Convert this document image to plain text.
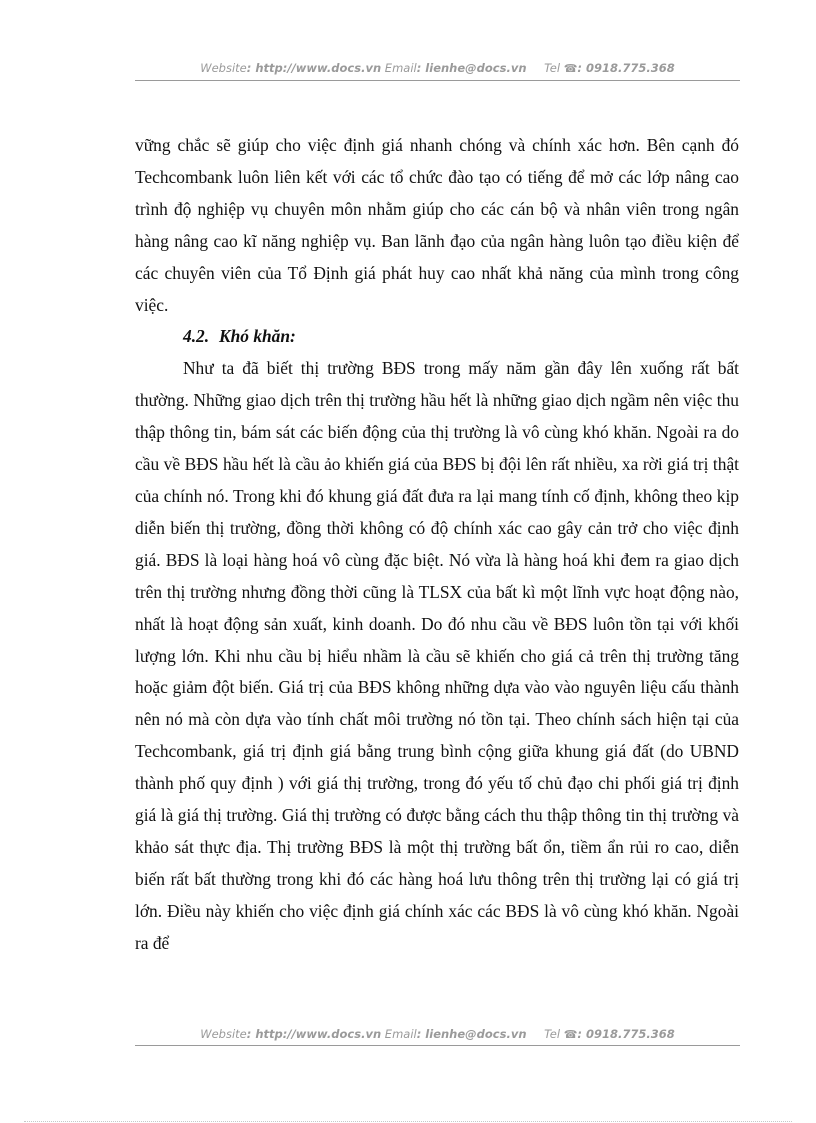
Website: http://www.docs.vn Email: lienhe@docs.vn Tel ☎: 0918.775.368

vững chắc sẽ giúp cho việc định giá nhanh chóng và chính xác hơn. Bên cạnh đó Techcombank luôn liên kết với các tổ chức đào tạo có tiếng để mở các lớp nâng cao trình độ nghiệp vụ chuyên môn nhằm giúp cho các cán bộ và nhân viên trong ngân hàng nâng cao kĩ năng nghiệp vụ. Ban lãnh đạo của ngân hàng luôn tạo điều kiện để các chuyên viên của Tổ Định giá phát huy cao nhất khả năng của mình trong công việc.

4.2. Khó khăn:

Như ta đã biết thị trường BĐS trong mấy năm gần đây lên xuống rất bất thường. Những giao dịch trên thị trường hầu hết là những giao dịch ngầm nên việc thu thập thông tin, bám sát các biến động của thị trường là vô cùng khó khăn. Ngoài ra do cầu về BĐS hầu hết là cầu ảo khiến giá của BĐS bị đội lên rất nhiều, xa rời giá trị thật của chính nó. Trong khi đó khung giá đất đưa ra lại mang tính cố định, không theo kịp diễn biến thị trường, đồng thời không có độ chính xác cao gây cản trở cho việc định giá. BĐS là loại hàng hoá vô cùng đặc biệt. Nó vừa là hàng hoá khi đem ra giao dịch trên thị trường nhưng đồng thời cũng là TLSX của bất kì một lĩnh vực hoạt động nào, nhất là hoạt động sản xuất, kinh doanh. Do đó nhu cầu về BĐS luôn tồn tại với khối lượng lớn. Khi nhu cầu bị hiểu nhầm là cầu sẽ khiến cho giá cả trên thị trường tăng hoặc giảm đột biến. Giá trị của BĐS không những dựa vào vào nguyên liệu cấu thành nên nó mà còn dựa vào tính chất môi trường nó tồn tại. Theo chính sách hiện tại của Techcombank, giá trị định giá bằng trung bình cộng giữa khung giá đất (do UBND thành phố quy định ) với giá thị trường, trong đó yếu tố chủ đạo chi phối giá trị định giá là giá thị trường. Giá thị trường có được bằng cách thu thập thông tin thị trường và khảo sát thực địa. Thị trường BĐS là một thị trường bất ổn, tiềm ẩn rủi ro cao, diễn biến rất bất thường trong khi đó các hàng hoá lưu thông trên thị trường lại có giá trị lớn. Điều này khiến cho việc định giá chính xác các BĐS là vô cùng khó khăn. Ngoài ra để

Website: http://www.docs.vn Email: lienhe@docs.vn Tel ☎: 0918.775.368
